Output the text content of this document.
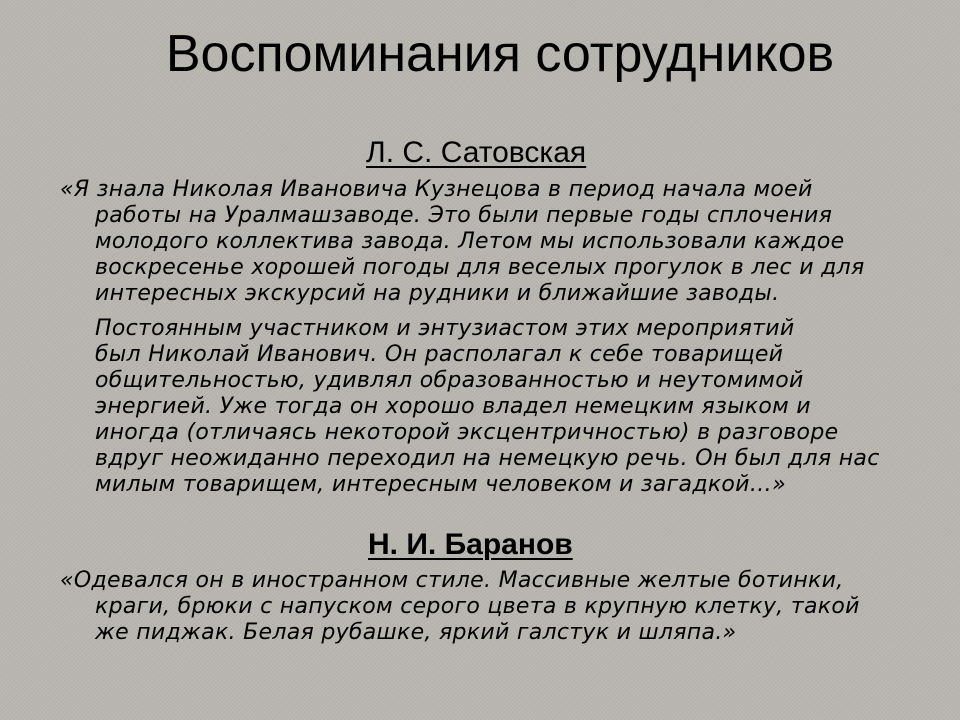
Воспоминания сотрудников
Л. С. Сатовская
«Я знала Николая Ивановича Кузнецова в период начала моей
работы на Уралмашзаводе. Это были первые годы сплочения
молодого коллектива завода. Летом мы использовали каждое
воскресенье хорошей погоды для веселых прогулок в лес и для
интересных экскурсий на рудники и ближайшие заводы.
Постоянным участником и энтузиастом этих мероприятий
был Николай Иванович. Он располагал к себе товарищей
общительностью, удивлял образованностью и неутомимой
энергией. Уже тогда он хорошо владел немецким языком и
иногда (отличаясь некоторой эксцентричностью) в разговоре
вдруг неожиданно переходил на немецкую речь. Он был для нас
милым товарищем, интересным человеком и загадкой…»
Н. И. Баранов
«Одевался он в иностранном стиле. Массивные желтые ботинки,
краги, брюки с напуском серого цвета в крупную клетку, такой
же пиджак. Белая рубашке, яркий галстук и шляпа.»
